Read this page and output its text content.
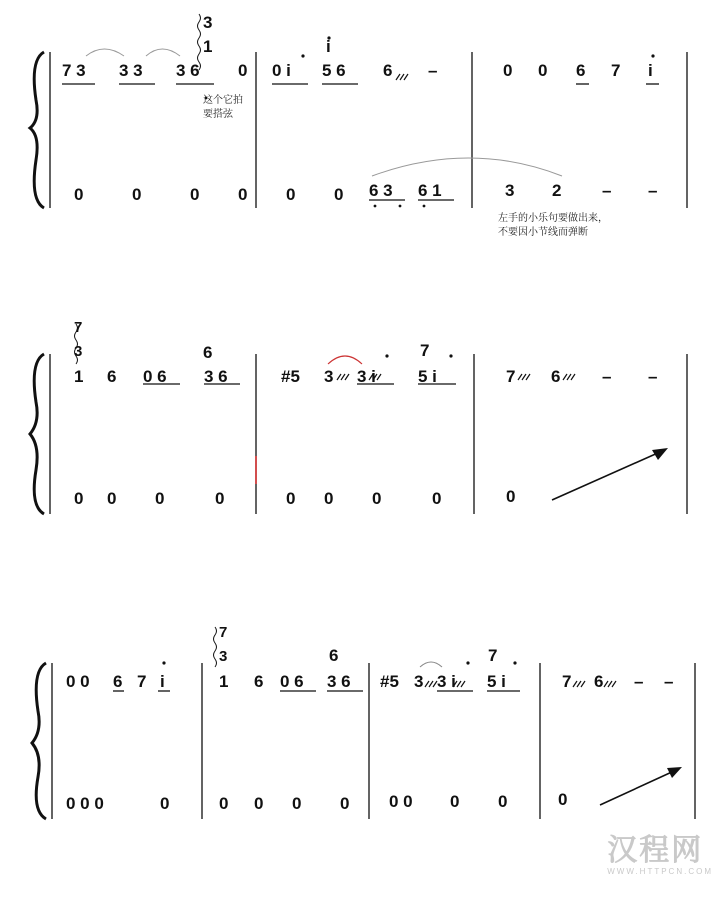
7 3 3 3 3 6
3
1
0 0 i
i
5 6 6 –	0 0 6 7 i
这个它拍
要搭弦
0	0	0 0 0 0 6 3 6 1	3 2 – –
左手的小乐句要做出来，
不要因小节线而弹断
7
3
1 6 0 6
6
3 6	#5 3 3 i
7
5 i	7 6 – –
0 0 0	0	0 0 0	0	0
0 0 6 7 i
7
3
1 6 0 6
6
3 6 #5 3 3 i
7
5 i	7 6 – –
0 0 0	0	0 0 0 0 0 0 0 0	0
汉程网
WWW.HTTPCN.COM
